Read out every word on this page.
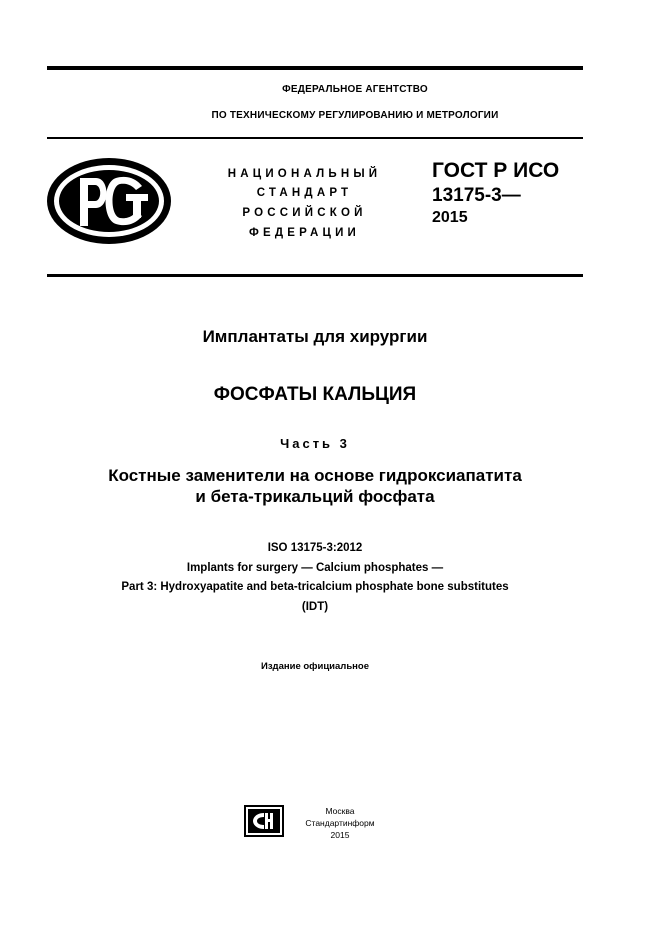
ФЕДЕРАЛЬНОЕ АГЕНТСТВО
ПО ТЕХНИЧЕСКОМУ РЕГУЛИРОВАНИЮ И МЕТРОЛОГИИ
НАЦИОНАЛЬНЫЙ
СТАНДАРТ
РОССИЙСКОЙ
ФЕДЕРАЦИИ
ГОСТ Р ИСО
13175-3—
2015
Имплантаты для хирургии
ФОСФАТЫ КАЛЬЦИЯ
Часть 3
Костные заменители на основе гидроксиапатита
и бета-трикальций фосфата
ISO 13175-3:2012
Implants for surgery — Calcium phosphates —
Part 3: Hydroxyapatite and beta-tricalcium phosphate bone substitutes
(IDT)
Издание официальное
Москва
Стандартинформ
2015
